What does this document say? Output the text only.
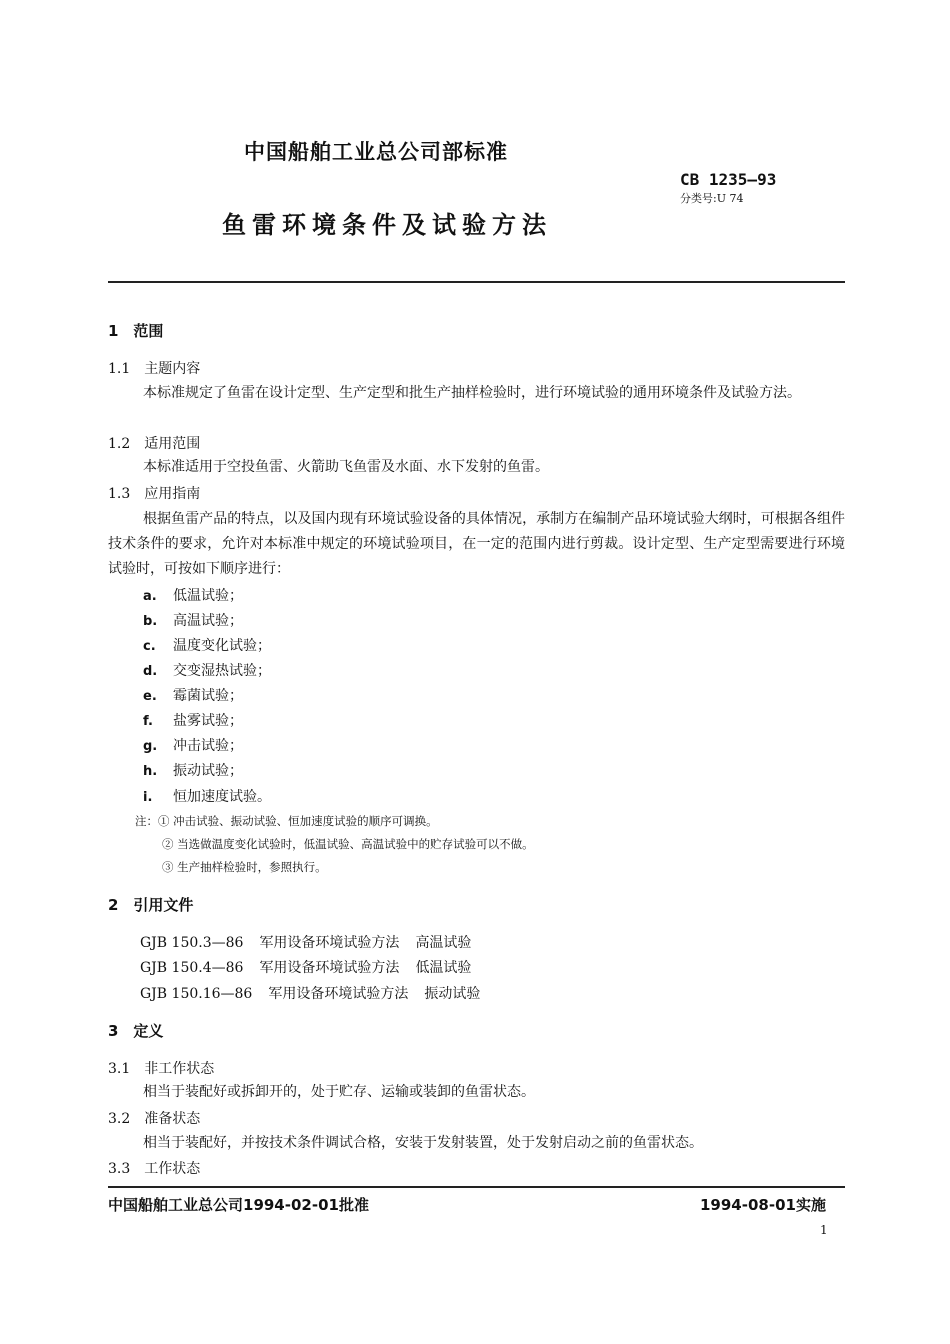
中国船舶工业总公司部标准
CB 1235—93
分类号:U 74
鱼雷环境条件及试验方法
1　范围
1.1　主题内容
本标准规定了鱼雷在设计定型、生产定型和批生产抽样检验时，进行环境试验的通用环境条件及试验方法。
1.2　适用范围
本标准适用于空投鱼雷、火箭助飞鱼雷及水面、水下发射的鱼雷。
1.3　应用指南
根据鱼雷产品的特点，以及国内现有环境试验设备的具体情况，承制方在编制产品环境试验大纲时，可根据各组件技术条件的要求，允许对本标准中规定的环境试验项目，在一定的范围内进行剪裁。设计定型、生产定型需要进行环境试验时，可按如下顺序进行：
a. 低温试验；
b. 高温试验；
c. 温度变化试验；
d. 交变湿热试验；
e. 霉菌试验；
f. 盐雾试验；
g. 冲击试验；
h. 振动试验；
i. 恒加速度试验。
注：① 冲击试验、振动试验、恒加速度试验的顺序可调换。
② 当选做温度变化试验时，低温试验、高温试验中的贮存试验可以不做。
③ 生产抽样检验时，参照执行。
2　引用文件
GJB 150.3—86 军用设备环境试验方法 高温试验
GJB 150.4—86 军用设备环境试验方法 低温试验
GJB 150.16—86 军用设备环境试验方法 振动试验
3　定义
3.1　非工作状态
相当于装配好或拆卸开的，处于贮存、运输或装卸的鱼雷状态。
3.2　准备状态
相当于装配好，并按技术条件调试合格，安装于发射装置，处于发射启动之前的鱼雷状态。
3.3　工作状态
中国船舶工业总公司1994-02-01批准	1994-08-01实施
1
